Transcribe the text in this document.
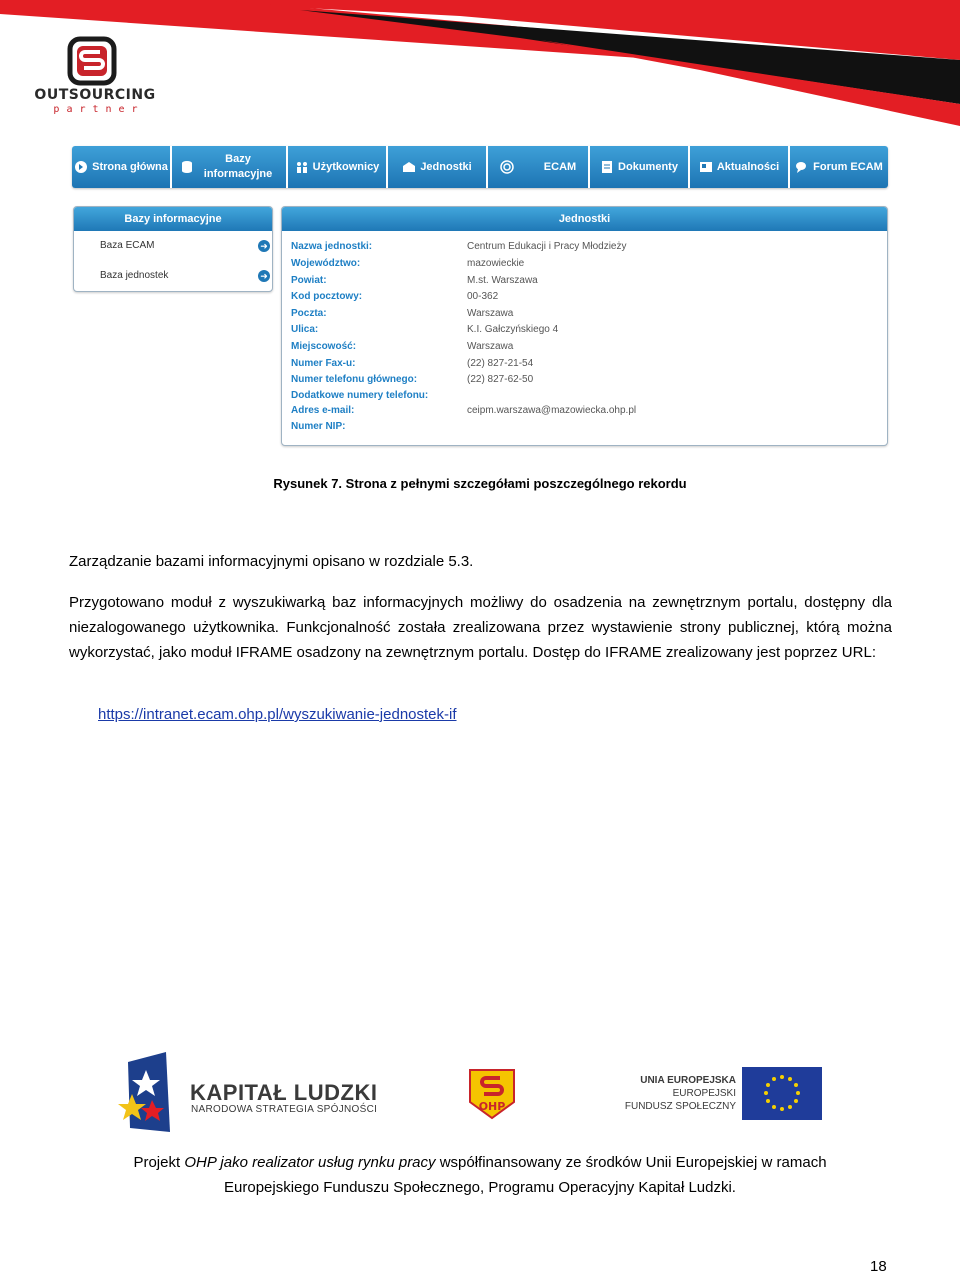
OUTSOURCING
partner
Strona główna
Bazy informacyjne
Użytkownicy	Jednostki	ECAM	Dokumenty	Aktualności	Forum ECAM
Bazy informacyjne
Baza ECAM	➜
Baza jednostek	➜
Jednostki
Nazwa jednostki:	Centrum Edukacji i Pracy Młodzieży
Województwo:	mazowieckie
Powiat:	M.st. Warszawa
Kod pocztowy:	00-362
Poczta:	Warszawa
Ulica:	K.I. Gałczyńskiego 4
Miejscowość:	Warszawa
Numer Fax-u:	(22) 827-21-54
Numer telefonu głównego:	(22) 827-62-50
Dodatkowe numery telefonu:
Adres e-mail:	ceipm.warszawa@mazowiecka.ohp.pl
Numer NIP:
Rysunek 7. Strona z pełnymi szczegółami poszczególnego rekordu
Zarządzanie bazami informacyjnymi opisano w rozdziale 5.3.
Przygotowano moduł z wyszukiwarką baz informacyjnych możliwy do osadzenia na zewnętrznym portalu, dostępny dla niezalogowanego użytkownika. Funkcjonalność została zrealizowana przez wystawienie strony publicznej, którą można wykorzystać, jako moduł IFRAME osadzony na zewnętrznym portalu. Dostęp do IFRAME zrealizowany jest poprzez URL:
https://intranet.ecam.ohp.pl/wyszukiwanie-jednostek-if
KAPITAŁ LUDZKI
NARODOWA STRATEGIA SPÓJNOŚCI	OHP
UNIA EUROPEJSKA
EUROPEJSKI
FUNDUSZ SPOŁECZNY
Projekt OHP jako realizator usług rynku pracy współfinansowany ze środków Unii Europejskiej w ramach
Europejskiego Funduszu Społecznego, Programu Operacyjny Kapitał Ludzki.
18
